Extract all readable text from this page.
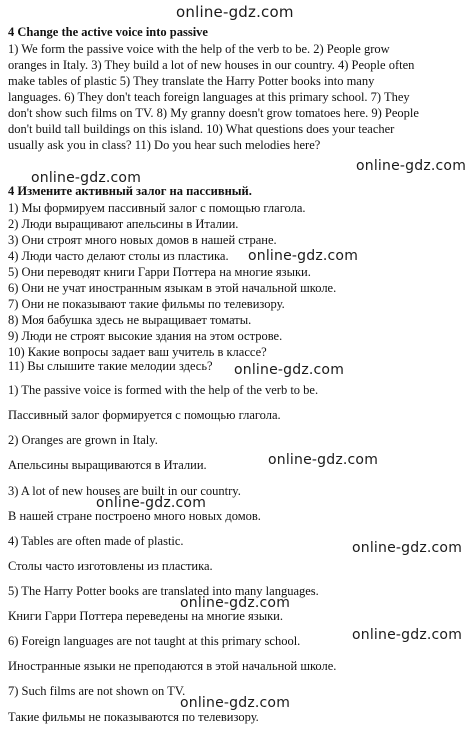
online-gdz.com
4 Change the active voice into passive
1) We form the passive voice with the help of the verb to be. 2) People grow
oranges in Italy. 3) They build a lot of new houses in our country. 4) People often
make tables of plastic 5) They translate the Harry Potter books into many
languages. 6) They don't teach foreign languages at this primary school. 7) They
don't show such films on TV. 8) My granny doesn't grow tomatoes here. 9) People
don't build tall buildings on this island. 10) What questions does your teacher
usually ask you in class? 11) Do you hear such melodies here?
online-gdz.com
online-gdz.com
4 Измените активный залог на пассивный.
1) Мы формируем пассивный залог с помощью глагола.
2) Люди выращивают апельсины в Италии.
3) Они строят много новых домов в нашей стране.
4) Люди часто делают столы из пластика. online-gdz.com
5) Они переводят книги Гарри Поттера на многие языки.
6) Они не учат иностранным языкам в этой начальной школе.
7) Они не показывают такие фильмы по телевизору.
8) Моя бабушка здесь не выращивает томаты.
9) Люди не строят высокие здания на этом острове.
10) Какие вопросы задает ваш учитель в классе?
11) Вы слышите такие мелодии здесь? online-gdz.com
1) The passive voice is formed with the help of the verb to be.
Пассивный залог формируется с помощью глагола.
2) Oranges are grown in Italy.
online-gdz.com
Апельсины выращиваются в Италии.
3) A lot of new houses are built in our country.
online-gdz.com
В нашей стране построено много новых домов.
4) Tables are often made of plastic.	online-gdz.com
Столы часто изготовлены из пластика.
5) The Harry Potter books are translated into many languages.
online-gdz.com
Книги Гарри Поттера переведены на многие языки.
6) Foreign languages are not taught at this primary school.	online-gdz.com
Иностранные языки не преподаются в этой начальной школе.
7) Such films are not shown on TV.
online-gdz.com
Такие фильмы не показываются по телевизору.
